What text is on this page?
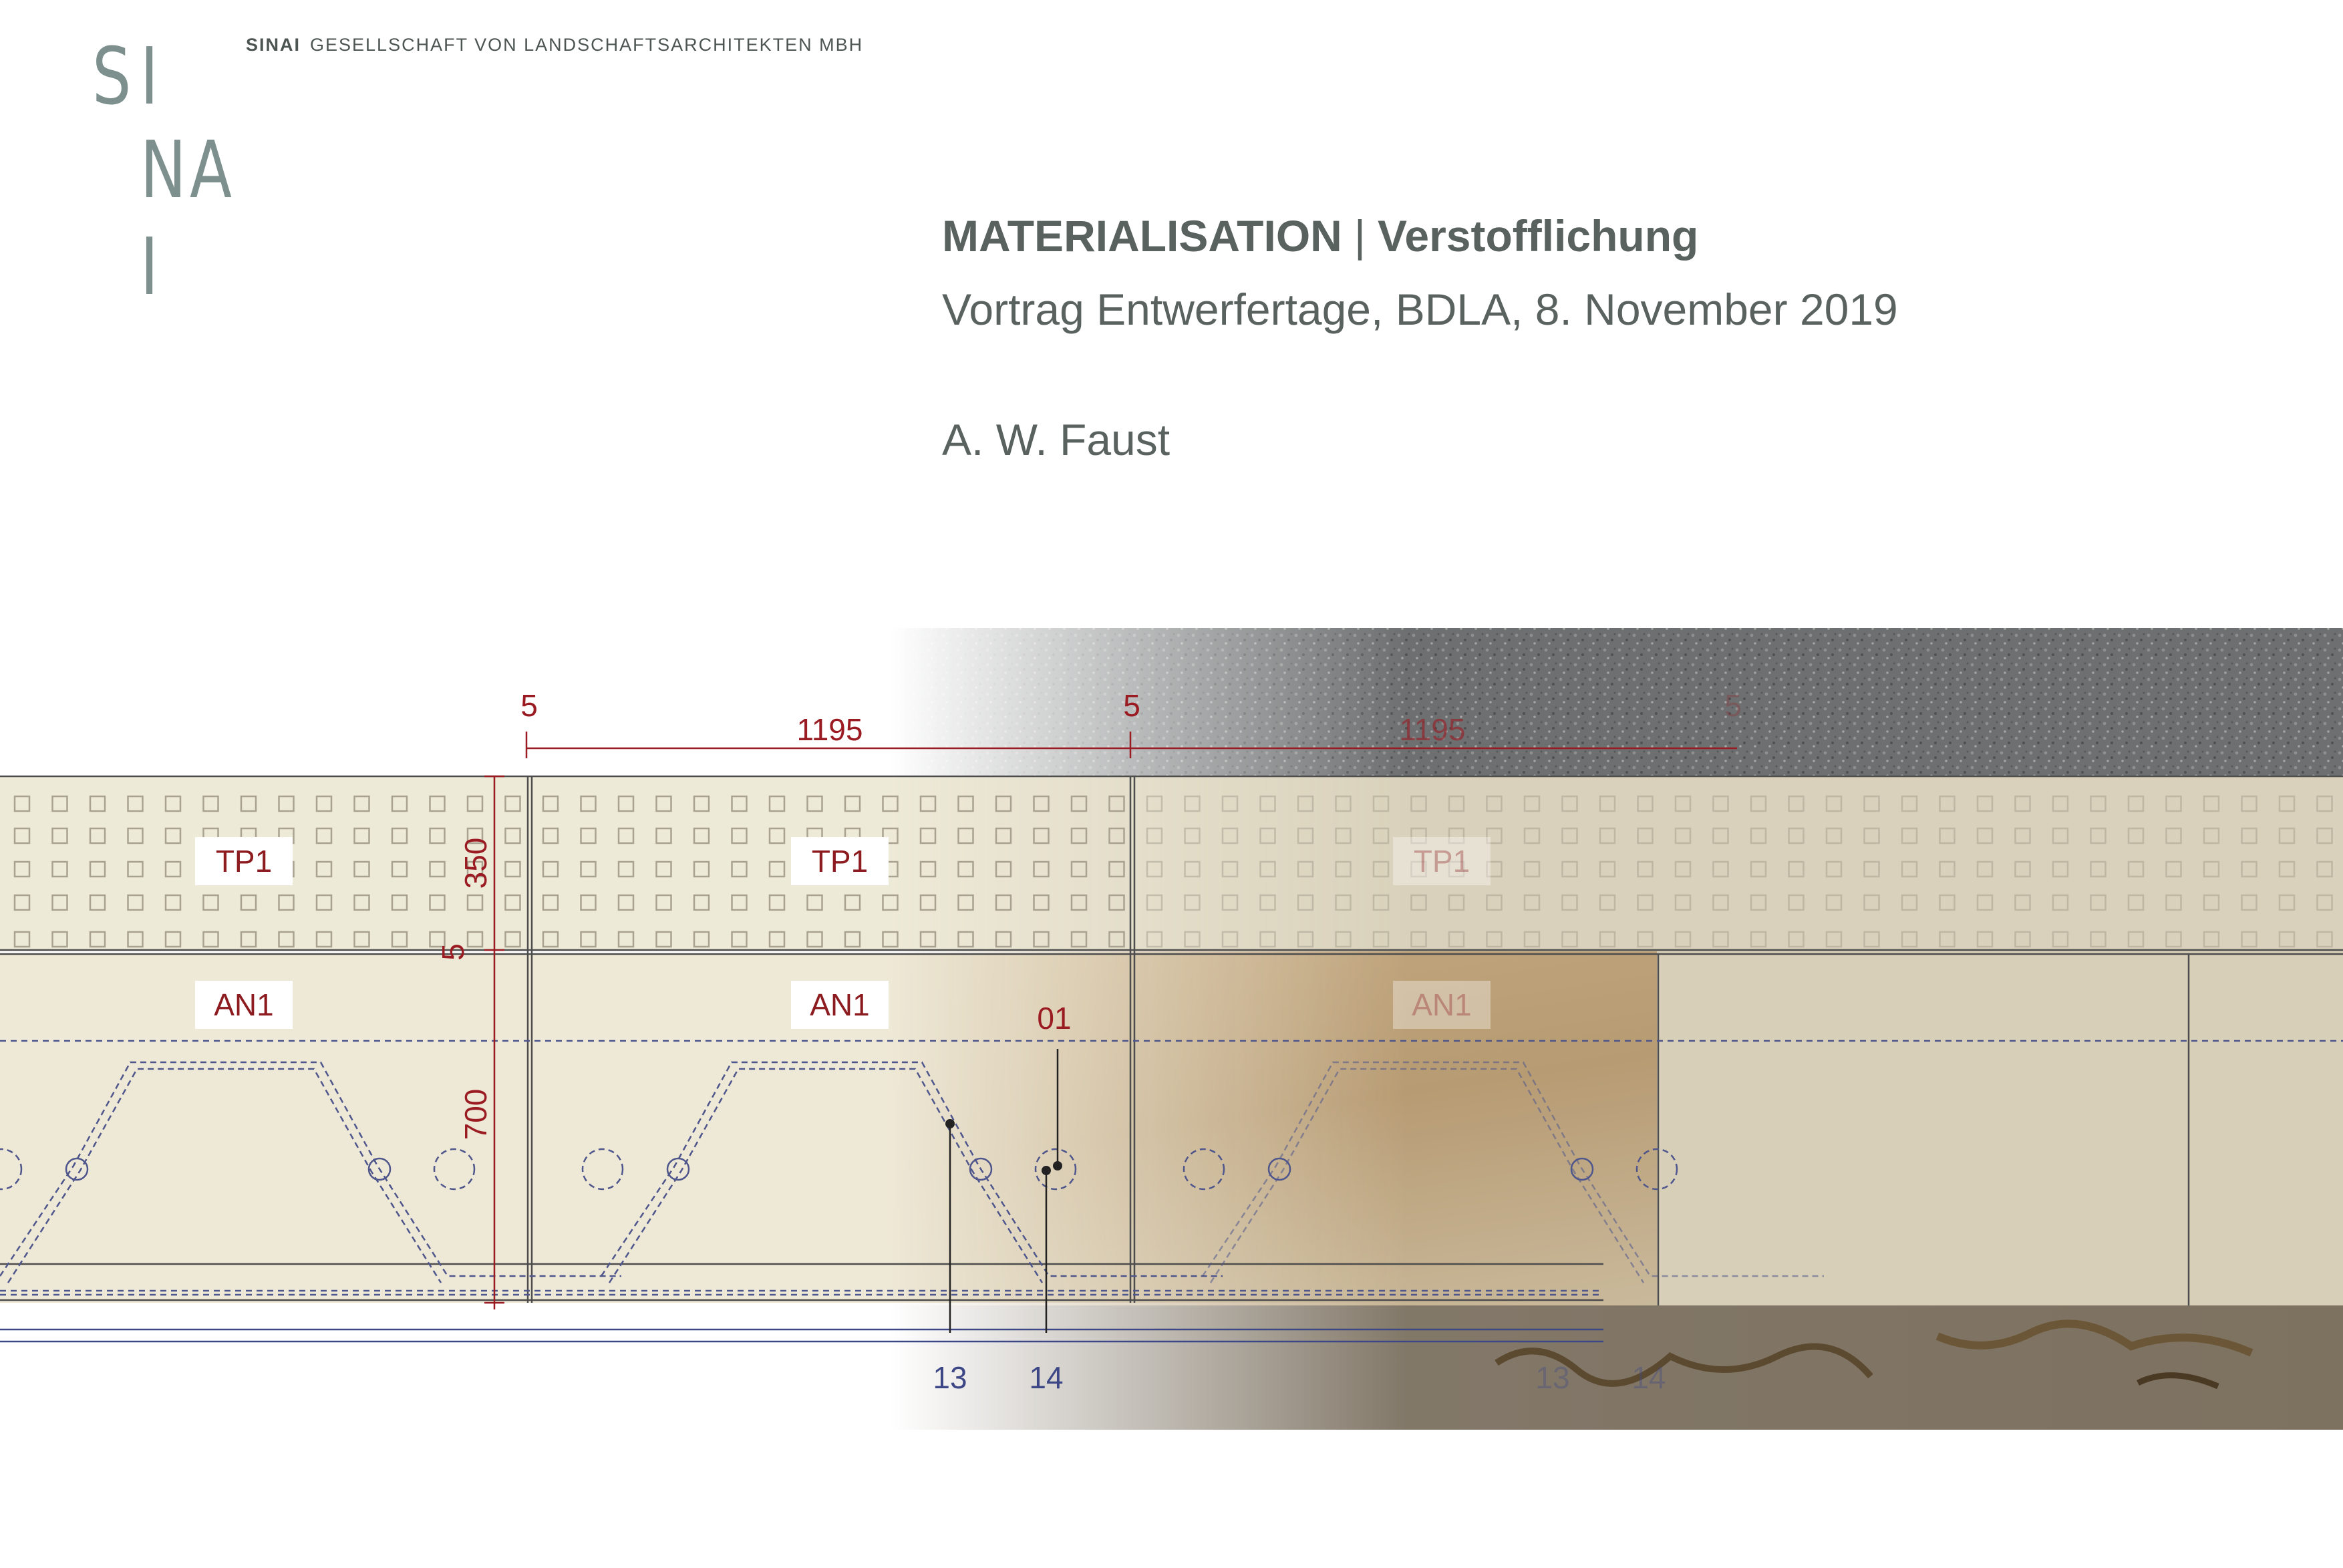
S I
N A
I
SINAI GESELLSCHAFT VON LANDSCHAFTSARCHITEKTEN MBH
MATERIALISATION | Verstofflichung
Vortrag Entwerfertage, BDLA, 8. November 2019
A. W. Faust
TP1	TP1	TP1
AN1	AN1	AN1
5
1195
5
1195
5
350
5
700
01
13 14	13 14
